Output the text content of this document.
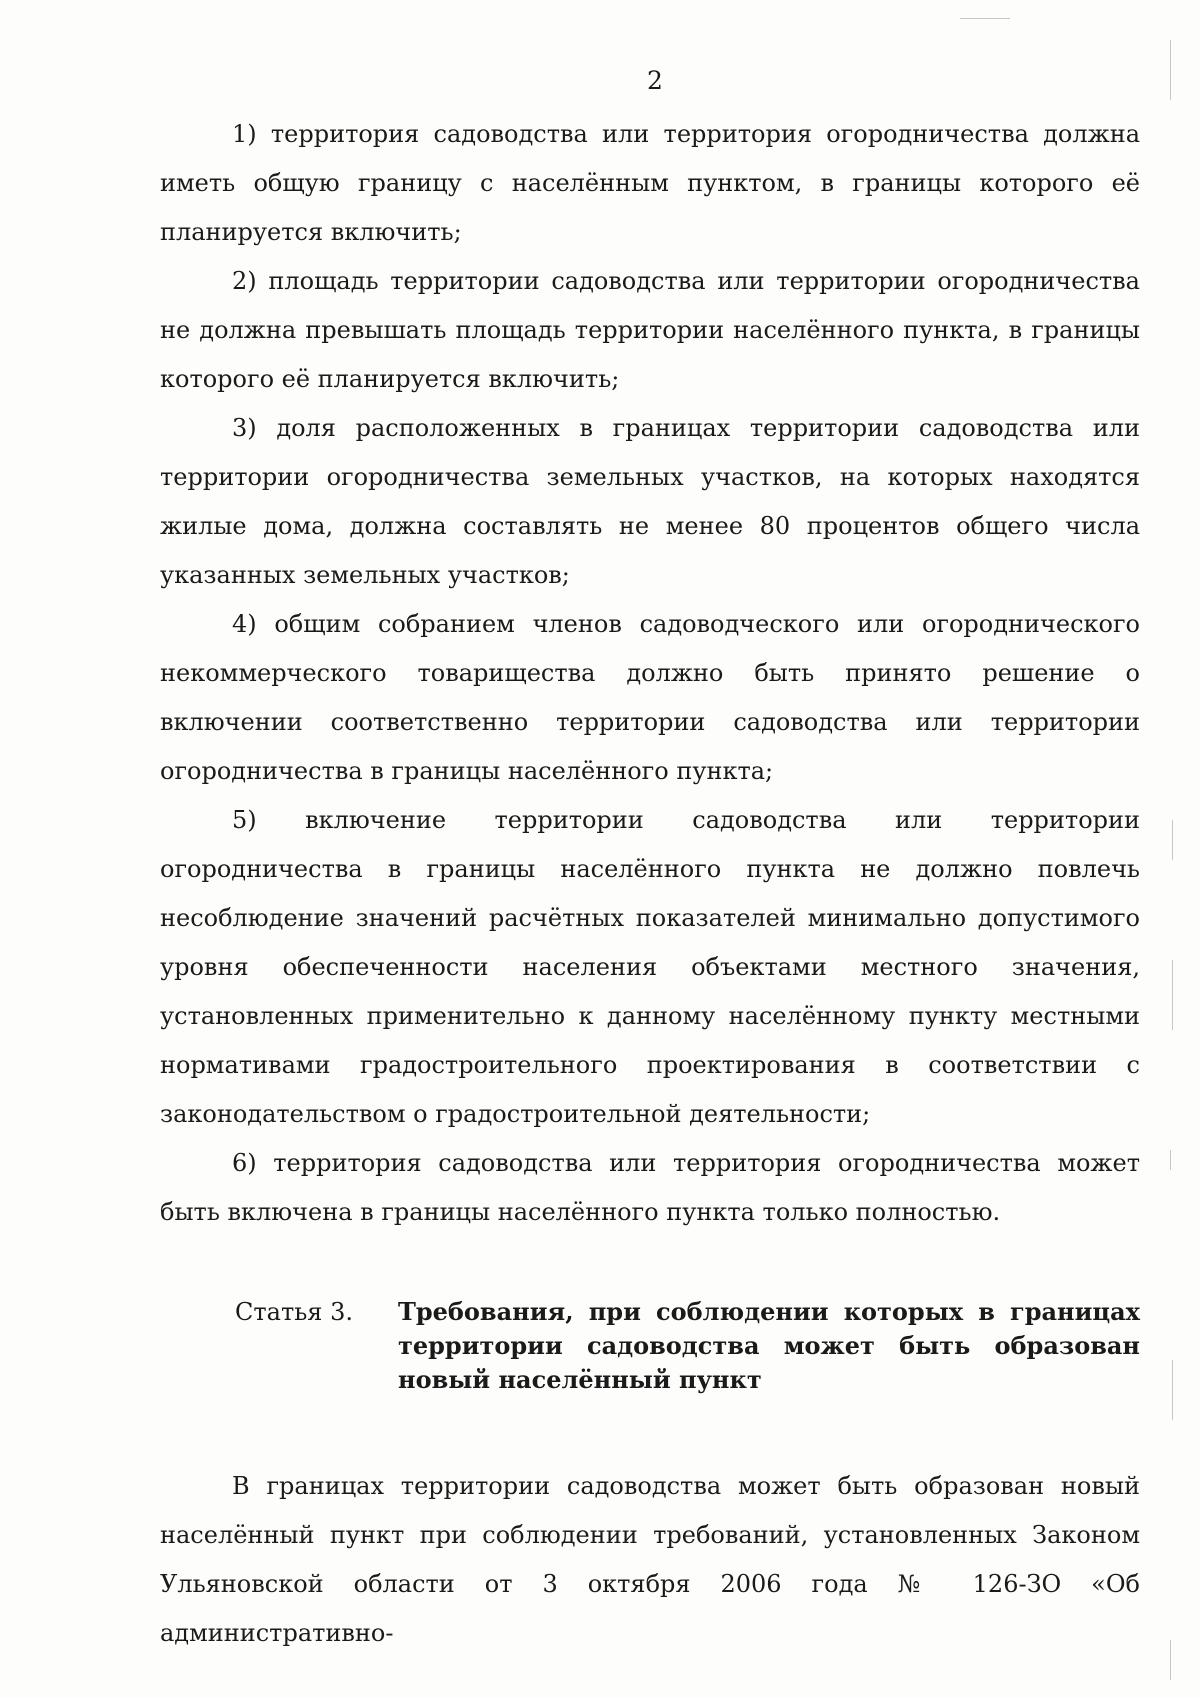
2

1) территория садоводства или территория огородничества должна иметь общую границу с населённым пунктом, в границы которого её планируется включить;

2) площадь территории садоводства или территории огородничества не должна превышать площадь территории населённого пункта, в границы которого её планируется включить;

3) доля расположенных в границах территории садоводства или территории огородничества земельных участков, на которых находятся жилые дома, должна составлять не менее 80 процентов общего числа указанных земельных участков;

4) общим собранием членов садоводческого или огороднического некоммерческого товарищества должно быть принято решение о включении соответственно территории садоводства или территории огородничества в границы населённого пункта;

5) включение территории садоводства или территории огородничества в границы населённого пункта не должно повлечь несоблюдение значений расчётных показателей минимально допустимого уровня обеспеченности населения объектами местного значения, установленных применительно к данному населённому пункту местными нормативами градостроительного проектирования в соответствии с законодательством о градостроительной деятельности;

6) территория садоводства или территория огородничества может быть включена в границы населённого пункта только полностью.

Статья 3.	Требования, при соблюдении которых в границах территории садоводства может быть образован новый населённый пункт

В границах территории садоводства может быть образован новый населённый пункт при соблюдении требований, установленных Законом Ульяновской области от 3 октября 2006 года № 126-ЗО «Об административно-
